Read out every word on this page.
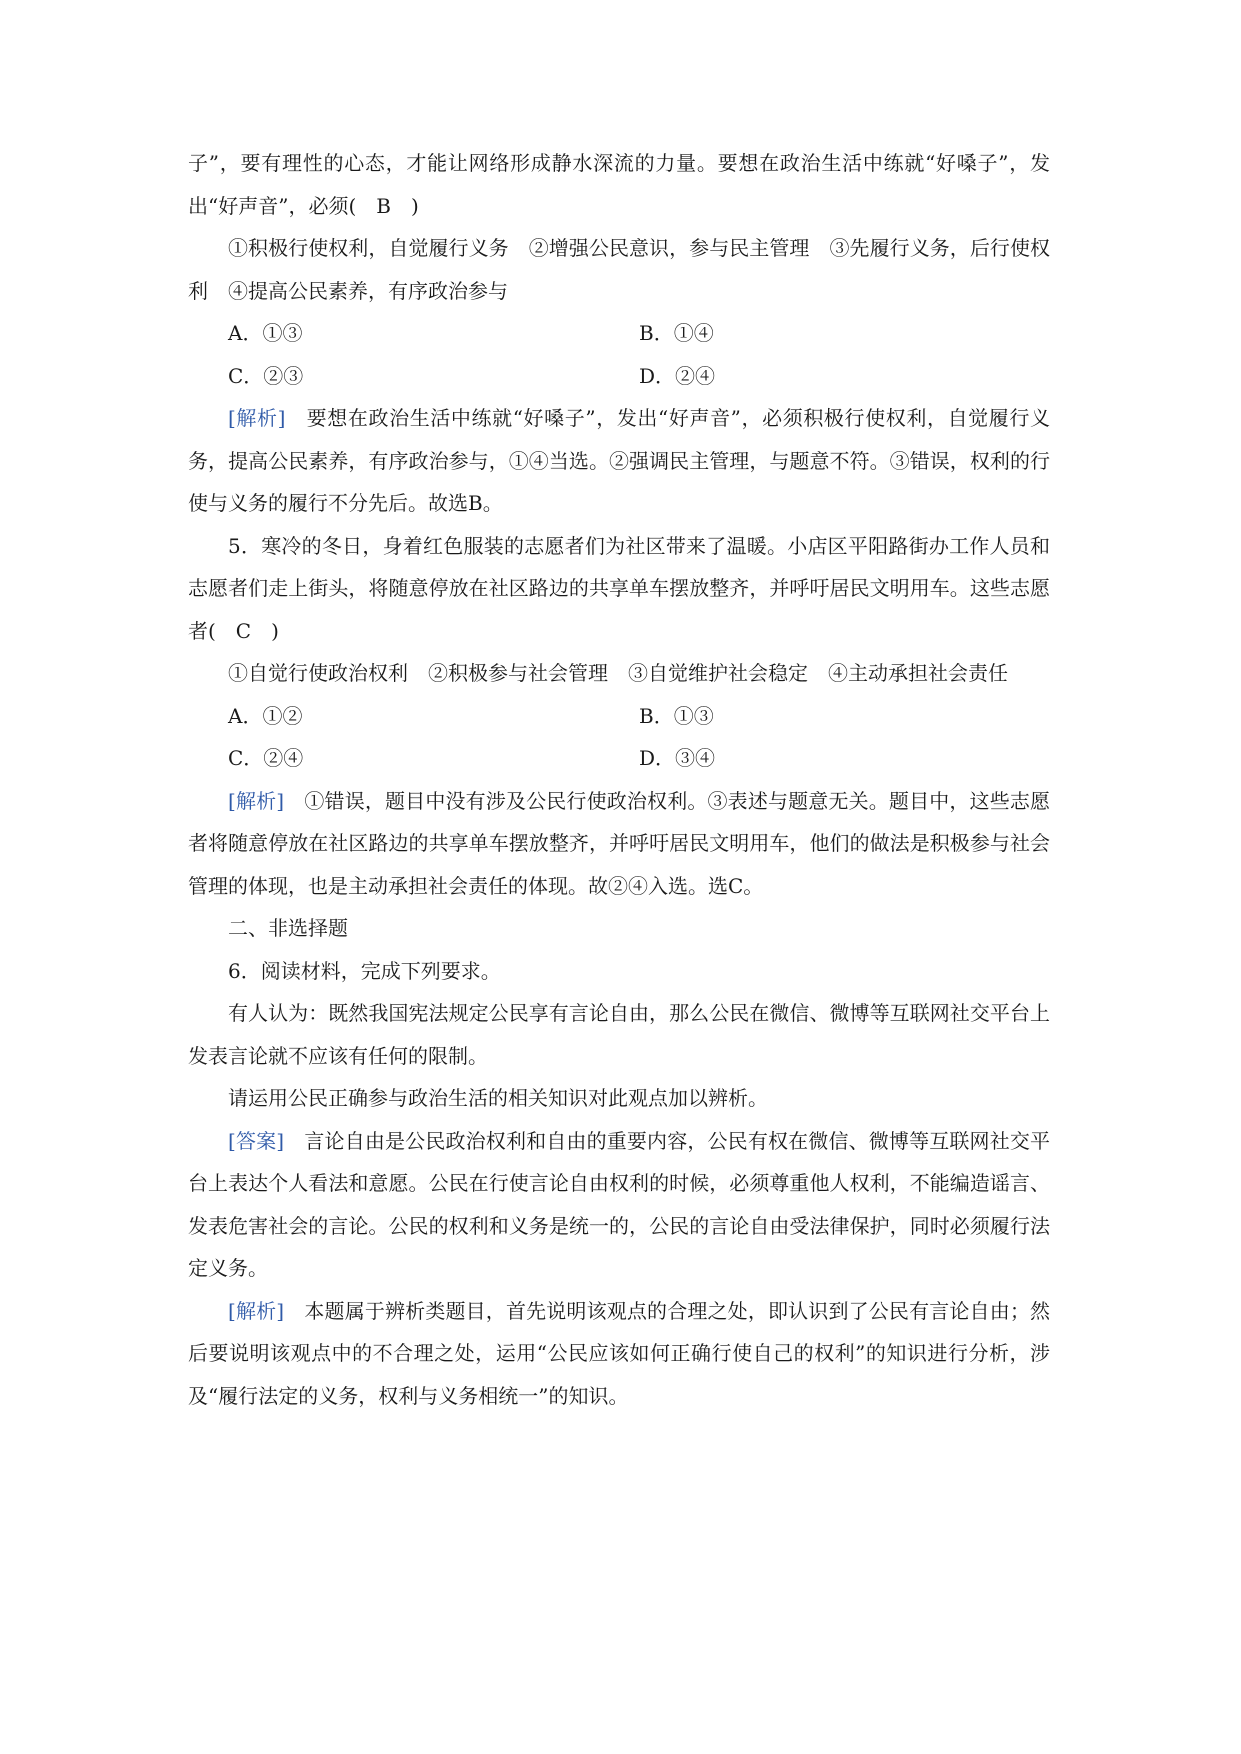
子”，要有理性的心态，才能让网络形成静水深流的力量。要想在政治生活中练就“好嗓子”，发出“好声音”，必须(　B　)

①积极行使权利，自觉履行义务　②增强公民意识，参与民主管理　③先履行义务，后行使权利　④提高公民素养，有序政治参与

A．①③	B．①④
C．②③	D．②④

[解析]　 要想在政治生活中练就“好嗓子”，发出“好声音”，必须积极行使权利，自觉履行义务，提高公民素养，有序政治参与，①④当选。②强调民主管理，与题意不符。③错误，权利的行使与义务的履行不分先后。故选B。

5．寒冷的冬日，身着红色服装的志愿者们为社区带来了温暖。小店区平阳路街办工作人员和志愿者们走上街头，将随意停放在社区路边的共享单车摆放整齐，并呼吁居民文明用车。这些志愿者(　C　)

①自觉行使政治权利　②积极参与社会管理　③自觉维护社会稳定　④主动承担社会责任

A．①②	B．①③
C．②④	D．③④

[解析]　 ①错误，题目中没有涉及公民行使政治权利。③表述与题意无关。题目中，这些志愿者将随意停放在社区路边的共享单车摆放整齐，并呼吁居民文明用车，他们的做法是积极参与社会管理的体现，也是主动承担社会责任的体现。故②④入选。选C。

二、非选择题

6．阅读材料，完成下列要求。

有人认为：既然我国宪法规定公民享有言论自由，那么公民在微信、微博等互联网社交平台上发表言论就不应该有任何的限制。

请运用公民正确参与政治生活的相关知识对此观点加以辨析。

[答案]　 言论自由是公民政治权利和自由的重要内容，公民有权在微信、微博等互联网社交平台上表达个人看法和意愿。公民在行使言论自由权利的时候，必须尊重他人权利，不能编造谣言、发表危害社会的言论。公民的权利和义务是统一的，公民的言论自由受法律保护，同时必须履行法定义务。

[解析]　 本题属于辨析类题目，首先说明该观点的合理之处，即认识到了公民有言论自由；然后要说明该观点中的不合理之处，运用“公民应该如何正确行使自己的权利”的知识进行分析，涉及“履行法定的义务，权利与义务相统一”的知识。
